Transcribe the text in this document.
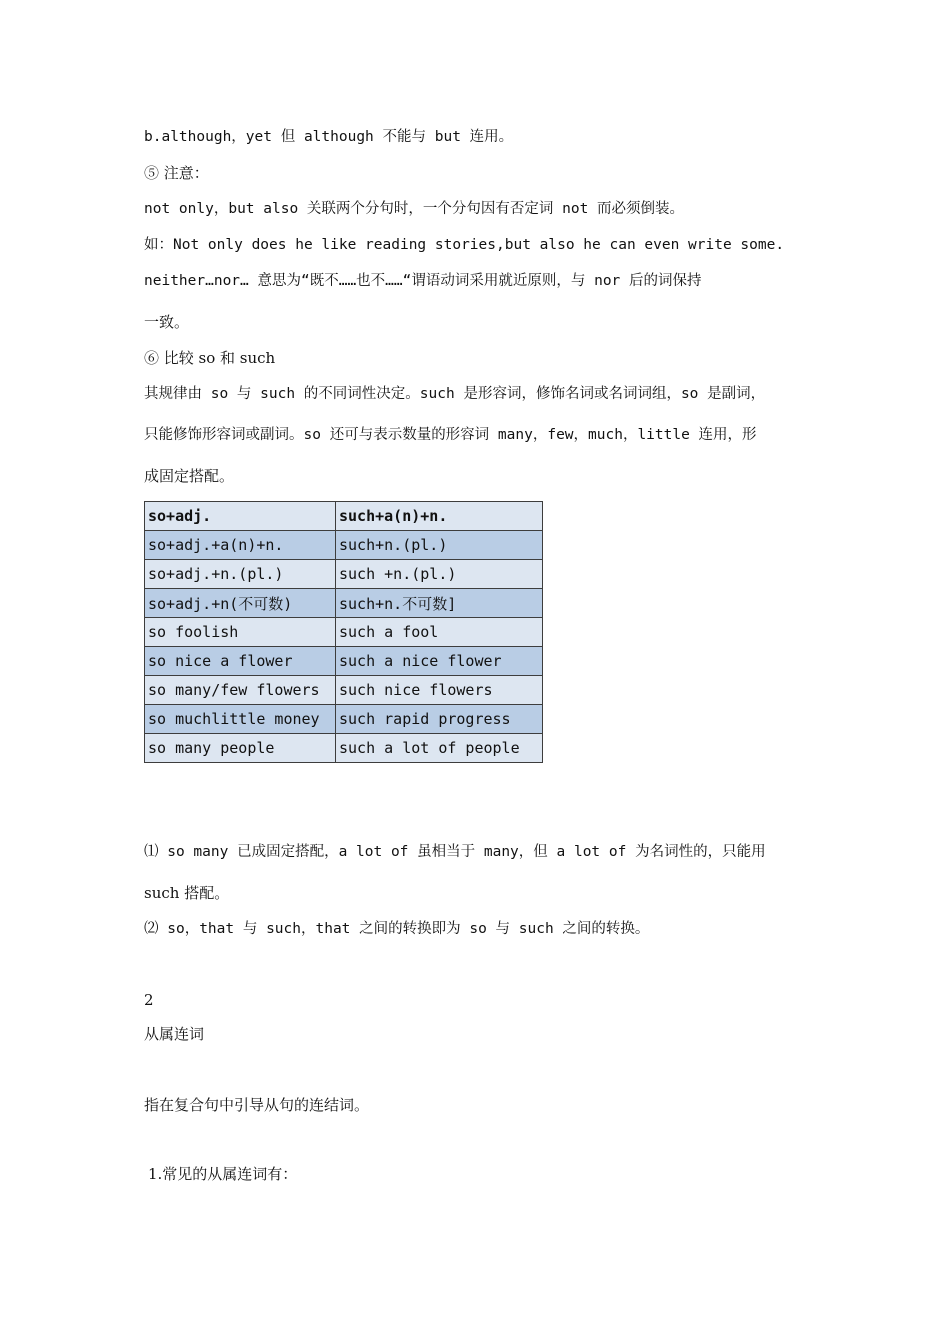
b.although，yet 但 although 不能与 but 连用。

⑤ 注意：

not only，but also 关联两个分句时，一个分句因有否定词 not 而必须倒装。

如：Not only does he like reading stories,but also he can even write some.

neither…nor… 意思为“既不……也不……“谓语动词采用就近原则，与 nor 后的词保持

一致。

⑥ 比较 so 和 such

其规律由 so 与 such 的不同词性决定。such 是形容词，修饰名词或名词词组，so 是副词，

只能修饰形容词或副词。so 还可与表示数量的形容词 many，few，much，little 连用，形

成固定搭配。

so+adj.	such+a(n)+n.
so+adj.+a(n)+n.	such+n.(pl.)
so+adj.+n.(pl.)	such +n.(pl.)
so+adj.+n(不可数)	such+n.不可数]
so foolish	such a fool
so nice a flower	such a nice flower
so many/few flowers	such nice flowers
so muchlittle money	such rapid progress
so many people	such a lot of people

⑴ so many 已成固定搭配，a lot of 虽相当于 many，但 a lot of 为名词性的，只能用

such 搭配。

⑵ so，that 与 such，that 之间的转换即为 so 与 such 之间的转换。

2

从属连词

指在复合句中引导从句的连结词。

1.常见的从属连词有：
